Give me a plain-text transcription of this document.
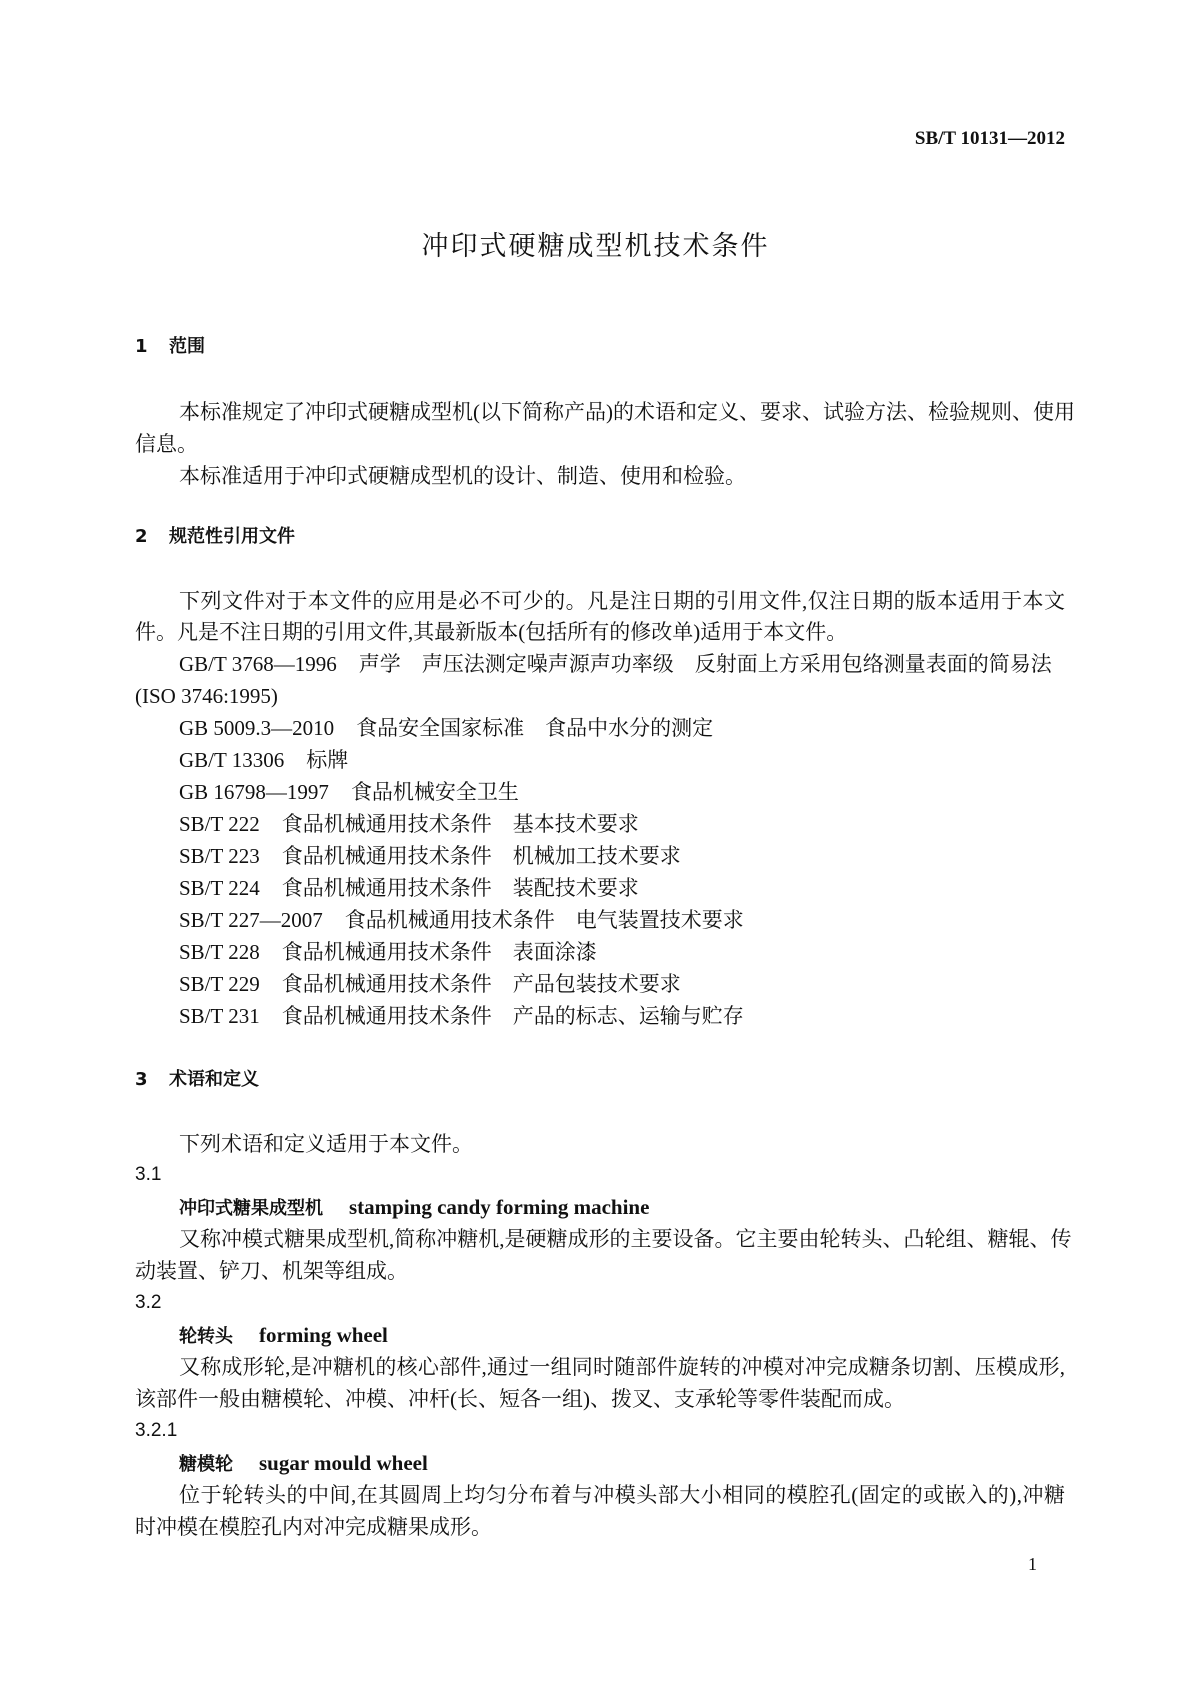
SB/T 10131—2012
冲印式硬糖成型机技术条件
1 范围
本标准规定了冲印式硬糖成型机(以下简称产品)的术语和定义、要求、试验方法、检验规则、使用
信息。
本标准适用于冲印式硬糖成型机的设计、制造、使用和检验。
2 规范性引用文件
下列文件对于本文件的应用是必不可少的。凡是注日期的引用文件,仅注日期的版本适用于本文
件。凡是不注日期的引用文件,其最新版本(包括所有的修改单)适用于本文件。
GB/T 3768—1996 声学　声压法测定噪声源声功率级　反射面上方采用包络测量表面的简易法
GB 5009.3—2010 食品安全国家标准　食品中水分的测定
GB/T 13306 标牌
GB 16798—1997 食品机械安全卫生
SB/T 222 食品机械通用技术条件　基本技术要求
SB/T 223 食品机械通用技术条件　机械加工技术要求
SB/T 224 食品机械通用技术条件　装配技术要求
SB/T 227—2007 食品机械通用技术条件　电气装置技术要求
SB/T 228 食品机械通用技术条件　表面涂漆
SB/T 229 食品机械通用技术条件　产品包装技术要求
SB/T 231 食品机械通用技术条件　产品的标志、运输与贮存
(ISO 3746:1995)
3 术语和定义
下列术语和定义适用于本文件。
3.1
冲印式糖果成型机 stamping candy forming machine
又称冲模式糖果成型机,简称冲糖机,是硬糖成形的主要设备。它主要由轮转头、凸轮组、糖辊、传
动装置、铲刀、机架等组成。
3.2
轮转头 forming wheel
又称成形轮,是冲糖机的核心部件,通过一组同时随部件旋转的冲模对冲完成糖条切割、压模成形,
该部件一般由糖模轮、冲模、冲杆(长、短各一组)、拨叉、支承轮等零件装配而成。
3.2.1
糖模轮 sugar mould wheel
位于轮转头的中间,在其圆周上均匀分布着与冲模头部大小相同的模腔孔(固定的或嵌入的),冲糖
时冲模在模腔孔内对冲完成糖果成形。
1
